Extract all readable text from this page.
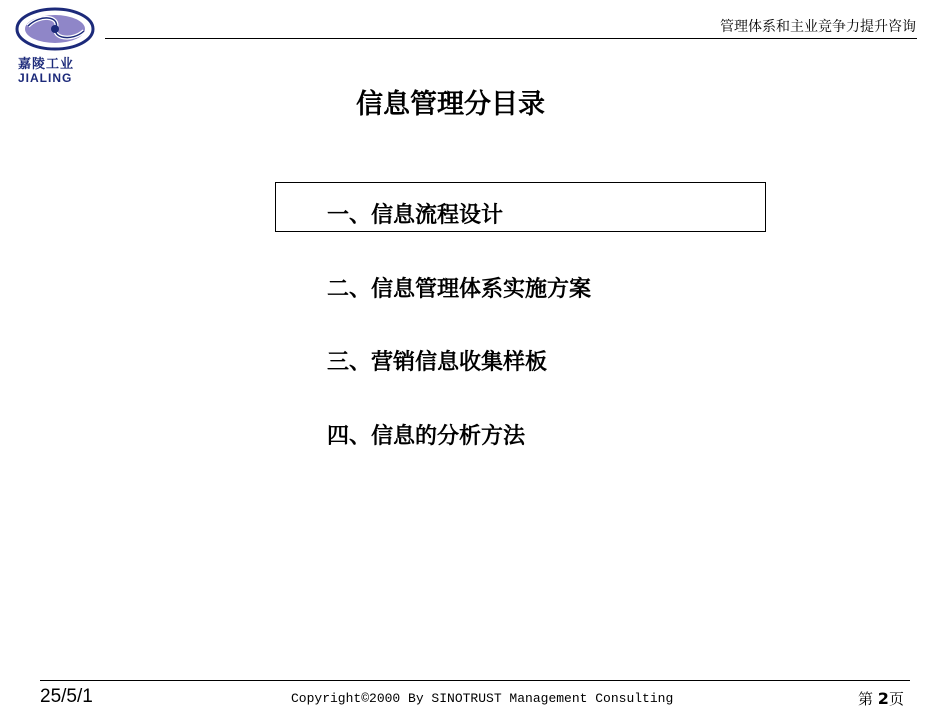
嘉陵工业
JIALING
管理体系和主业竞争力提升咨询
信息管理分目录
一、信息流程设计
二、信息管理体系实施方案
三、营销信息收集样板
四、信息的分析方法
25/5/1	Copyright©2000 By SINOTRUST Management Consulting	第 2页
